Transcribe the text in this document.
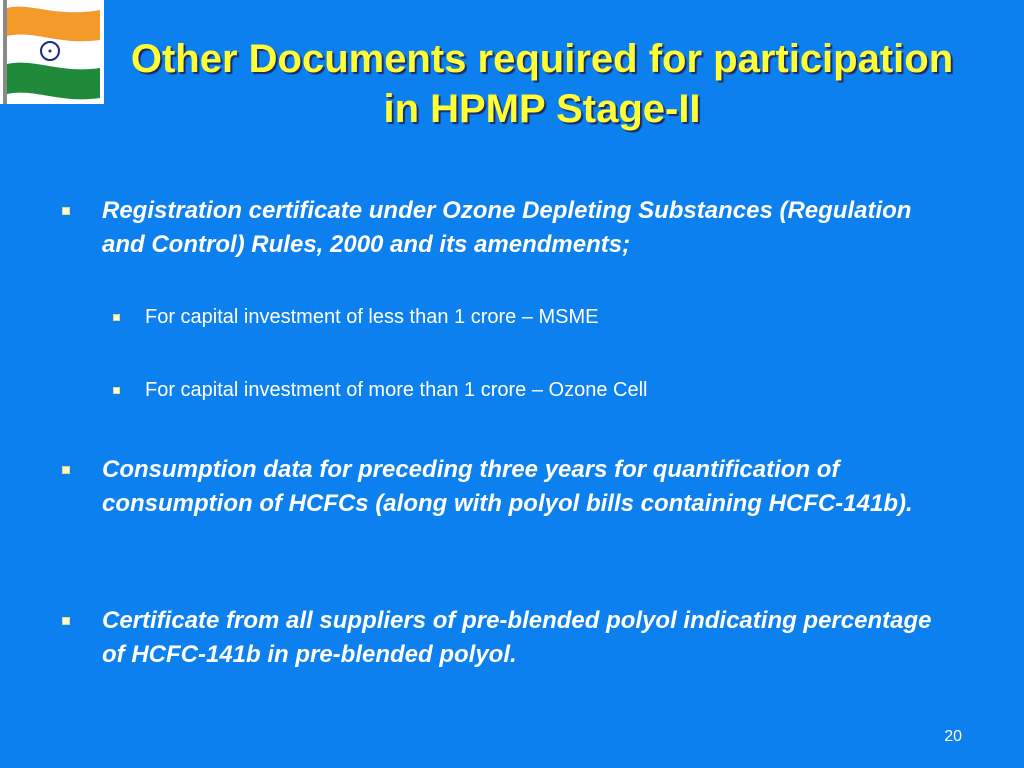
Other Documents required for participation
in HPMP Stage-II
Registration certificate under Ozone Depleting Substances (Regulation and Control) Rules, 2000 and its amendments;
For capital investment of less than 1 crore – MSME
For capital investment of more than 1 crore – Ozone Cell
Consumption data for preceding three years for quantification of consumption of HCFCs (along with polyol bills containing HCFC-141b).
Certificate from all suppliers of pre-blended polyol indicating percentage of HCFC-141b in pre-blended polyol.
20
